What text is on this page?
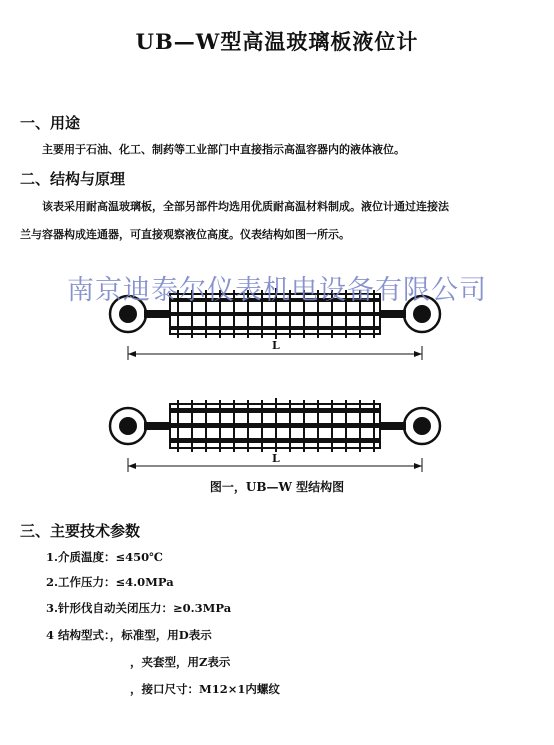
UB—W型高温玻璃板液位计
一、用途
主要用于石油、化工、制药等工业部门中直接指示高温容器内的液体液位。
二、结构与原理
该表采用耐高温玻璃板，全部另部件均选用优质耐高温材料制成。液位计通过连接法
兰与容器构成连通器，可直接观察液位高度。仪表结构如图一所示。
L
南京迪泰尔仪表机电设备有限公司
L
图一，UB—W 型结构图
三、主要技术参数
1.介质温度：≤450℃
2.工作压力：≤4.0MPa
3.针形伐自动关闭压力：≥0.3MPa
4 结构型式：，标准型，用D表示
，夹套型，用Z表示
，接口尺寸：M12×1内螺纹
